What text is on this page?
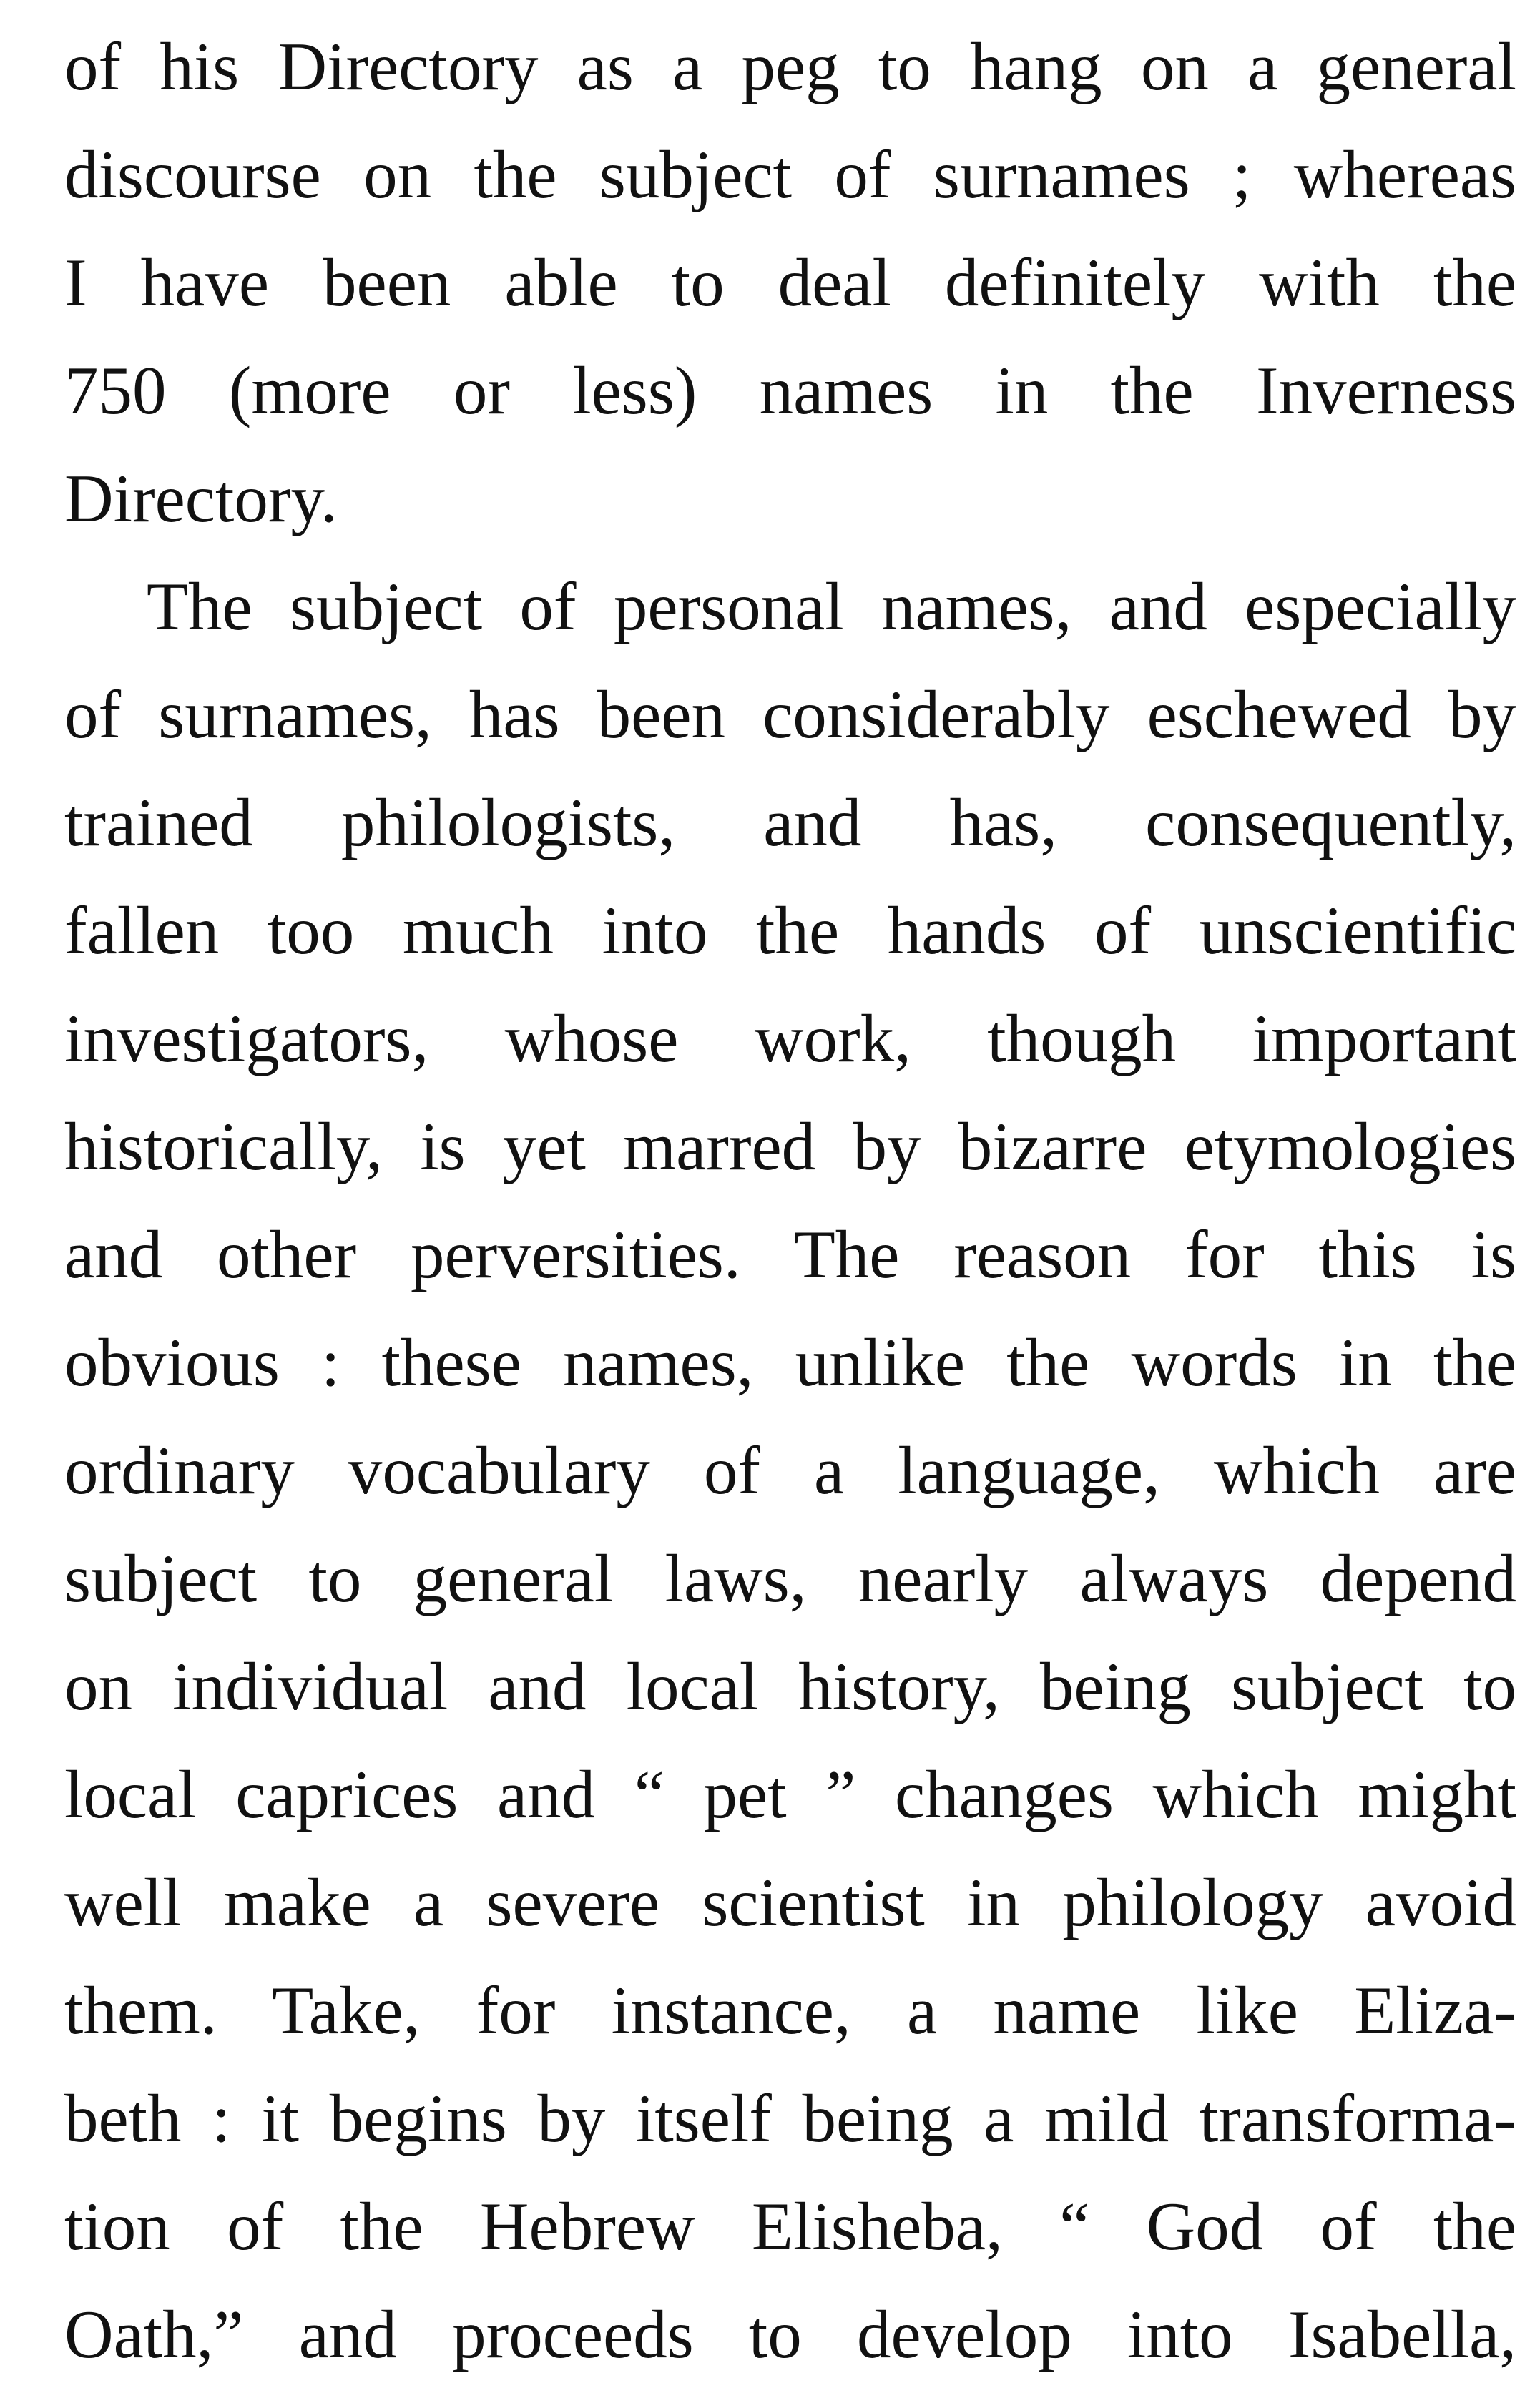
of his Directory as a peg to hang on a general
discourse on the subject of surnames ; whereas
I have been able to deal definitely with the
750 (more or less) names in the Inverness
Directory.
The subject of personal names, and especially
of surnames, has been considerably eschewed by
trained philologists, and has, consequently,
fallen too much into the hands of unscientific
investigators, whose work, though important
historically, is yet marred by bizarre etymologies
and other perversities. The reason for this is
obvious : these names, unlike the words in the
ordinary vocabulary of a language, which are
subject to general laws, nearly always depend
on individual and local history, being subject to
local caprices and “ pet ” changes which might
well make a severe scientist in philology avoid
them. Take, for instance, a name like Eliza-
beth : it begins by itself being a mild transforma-
tion of the Hebrew Elisheba, “ God of the
Oath,” and proceeds to develop into Isabella,
